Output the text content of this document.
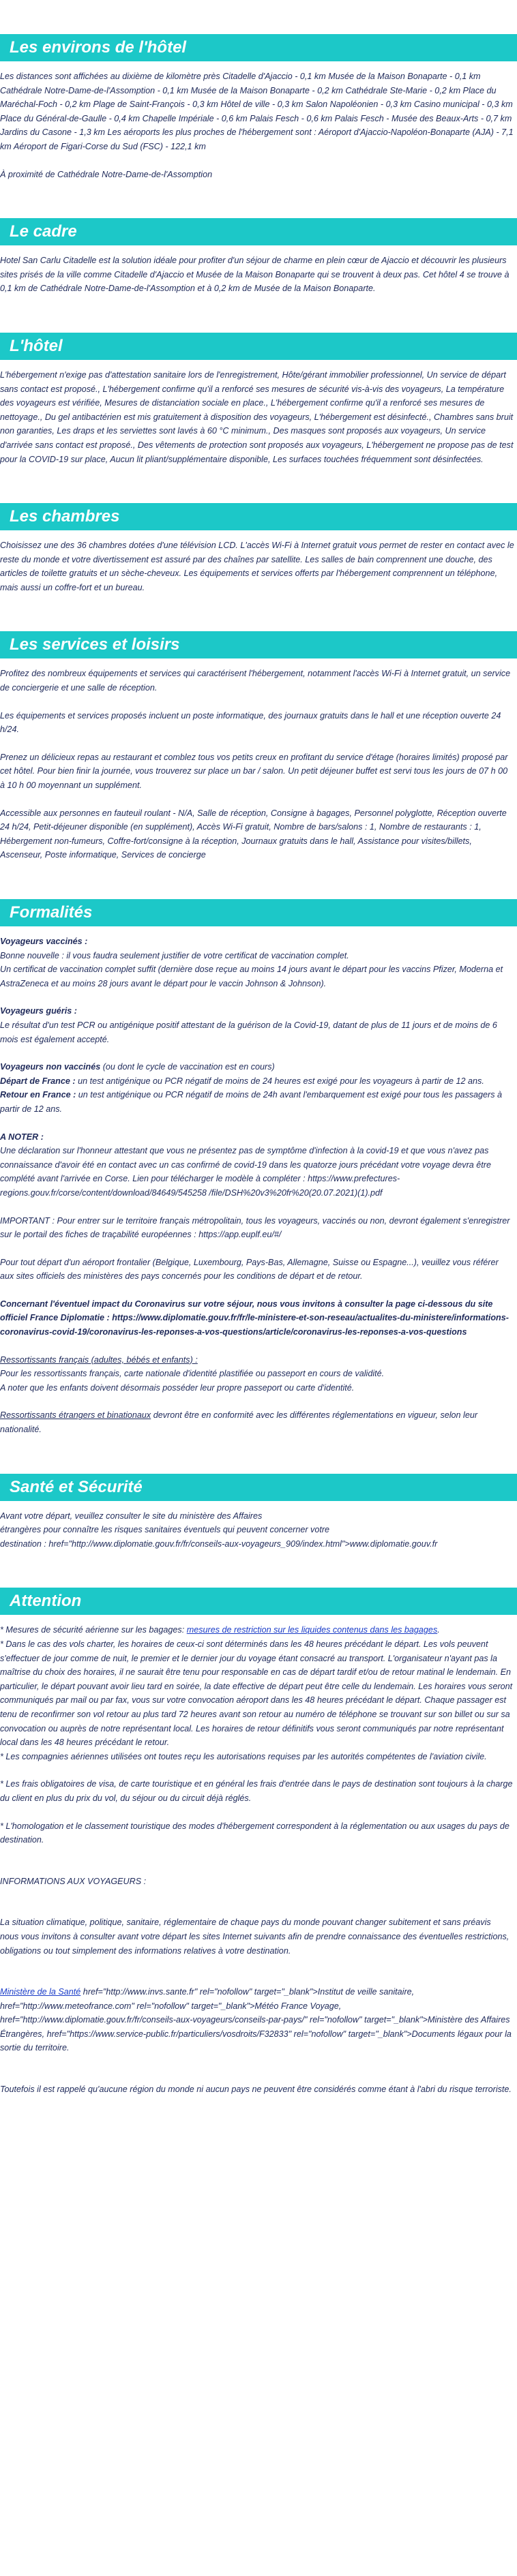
Les environs de l'hôtel

Les distances sont affichées au dixième de kilomètre près Citadelle d'Ajaccio - 0,1 km Musée de la Maison Bonaparte - 0,1 km Cathédrale Notre-Dame-de-l'Assomption - 0,1 km Musée de la Maison Bonaparte - 0,2 km Cathédrale Ste-Marie - 0,2 km Place du Maréchal-Foch - 0,2 km Plage de Saint-François - 0,3 km Hôtel de ville - 0,3 km Salon Napoléonien - 0,3 km Casino municipal - 0,3 km Place du Général-de-Gaulle - 0,4 km Chapelle Impériale - 0,6 km Palais Fesch - 0,6 km Palais Fesch - Musée des Beaux-Arts - 0,7 km Jardins du Casone - 1,3 km Les aéroports les plus proches de l'hébergement sont : Aéroport d'Ajaccio-Napoléon-Bonaparte (AJA) - 7,1 km Aéroport de Figari-Corse du Sud (FSC) - 122,1 km

À proximité de Cathédrale Notre-Dame-de-l'Assomption

Le cadre

Hotel San Carlu Citadelle est la solution idéale pour profiter d'un séjour de charme en plein cœur de Ajaccio et découvrir les plusieurs sites prisés de la ville comme Citadelle d'Ajaccio et Musée de la Maison Bonaparte qui se trouvent à deux pas. Cet hôtel 4 se trouve à 0,1 km de Cathédrale Notre-Dame-de-l'Assomption et à 0,2 km de Musée de la Maison Bonaparte.

L'hôtel

L'hébergement n'exige pas d'attestation sanitaire lors de l'enregistrement, Hôte/gérant immobilier professionnel, Un service de départ sans contact est proposé., L'hébergement confirme qu'il a renforcé ses mesures de sécurité vis-à-vis des voyageurs, La température des voyageurs est vérifiée, Mesures de distanciation sociale en place., L'hébergement confirme qu'il a renforcé ses mesures de nettoyage., Du gel antibactérien est mis gratuitement à disposition des voyageurs, L'hébergement est désinfecté., Chambres sans bruit non garanties, Les draps et les serviettes sont lavés à 60 °C minimum., Des masques sont proposés aux voyageurs, Un service d'arrivée sans contact est proposé., Des vêtements de protection sont proposés aux voyageurs, L'hébergement ne propose pas de test pour la COVID-19 sur place, Aucun lit pliant/supplémentaire disponible, Les surfaces touchées fréquemment sont désinfectées.

Les chambres

Choisissez une des 36 chambres dotées d'une télévision LCD. L'accès Wi-Fi à Internet gratuit vous permet de rester en contact avec le reste du monde et votre divertissement est assuré par des chaînes par satellite. Les salles de bain comprennent une douche, des articles de toilette gratuits et un sèche-cheveux. Les équipements et services offerts par l'hébergement comprennent un téléphone, mais aussi un coffre-fort et un bureau.

Les services et loisirs

Profitez des nombreux équipements et services qui caractérisent l'hébergement, notamment l'accès Wi-Fi à Internet gratuit, un service de conciergerie et une salle de réception.

Les équipements et services proposés incluent un poste informatique, des journaux gratuits dans le hall et une réception ouverte 24 h/24.

Prenez un délicieux repas au restaurant et comblez tous vos petits creux en profitant du service d'étage (horaires limités) proposé par cet hôtel. Pour bien finir la journée, vous trouverez sur place un bar / salon. Un petit déjeuner buffet est servi tous les jours de 07 h 00 à 10 h 00 moyennant un supplément.

Accessible aux personnes en fauteuil roulant - N/A, Salle de réception, Consigne à bagages, Personnel polyglotte, Réception ouverte 24 h/24, Petit-déjeuner disponible (en supplément), Accès Wi-Fi gratuit, Nombre de bars/salons : 1, Nombre de restaurants : 1, Hébergement non-fumeurs, Coffre-fort/consigne à la réception, Journaux gratuits dans le hall, Assistance pour visites/billets, Ascenseur, Poste informatique, Services de concierge

Formalités

Voyageurs vaccinés :
Bonne nouvelle : il vous faudra seulement justifier de votre certificat de vaccination complet.
Un certificat de vaccination complet suffit (dernière dose reçue au moins 14 jours avant le départ pour les vaccins Pfizer, Moderna et AstraZeneca et au moins 28 jours avant le départ pour le vaccin Johnson & Johnson).

Voyageurs guéris :
Le résultat d'un test PCR ou antigénique positif attestant de la guérison de la Covid-19, datant de plus de 11 jours et de moins de 6 mois est également accepté.

Voyageurs non vaccinés (ou dont le cycle de vaccination est en cours)
Départ de France : un test antigénique ou PCR négatif de moins de 24 heures est exigé pour les voyageurs à partir de 12 ans.
Retour en France : un test antigénique ou PCR négatif de moins de 24h avant l'embarquement est exigé pour tous les passagers à partir de 12 ans.

A NOTER :
Une déclaration sur l'honneur attestant que vous ne présentez pas de symptôme d'infection à la covid-19 et que vous n'avez pas connaissance d'avoir été en contact avec un cas confirmé de covid-19 dans les quatorze jours précédant votre voyage devra être complété avant l'arrivée en Corse. Lien pour télécharger le modèle à compléter : https://www.prefectures-regions.gouv.fr/corse/content/download/84649/545258 /file/DSH%20v3%20fr%20(20.07.2021)(1).pdf

IMPORTANT : Pour entrer sur le territoire français métropolitain, tous les voyageurs, vaccinés ou non, devront également s'enregistrer sur le portail des fiches de traçabilité européennes : https://app.euplf.eu/#/

Pour tout départ d'un aéroport frontalier (Belgique, Luxembourg, Pays-Bas, Allemagne, Suisse ou Espagne...), veuillez vous référer aux sites officiels des ministères des pays concernés pour les conditions de départ et de retour.

Concernant l'éventuel impact du Coronavirus sur votre séjour, nous vous invitons à consulter la page ci-dessous du site officiel France Diplomatie : https://www.diplomatie.gouv.fr/fr/le-ministere-et-son-reseau/actualites-du-ministere/informations-coronavirus-covid-19/coronavirus-les-reponses-a-vos-questions/article/coronavirus-les-reponses-a-vos-questions

Ressortissants français (adultes, bébés et enfants) :
Pour les ressortissants français, carte nationale d'identité plastifiée ou passeport en cours de validité.
A noter que les enfants doivent désormais posséder leur propre passeport ou carte d'identité.

Ressortissants étrangers et binationaux devront être en conformité avec les différentes réglementations en vigueur, selon leur nationalité.

Santé et Sécurité

Avant votre départ, veuillez consulter le site du ministère des Affaires
étrangères pour connaître les risques sanitaires éventuels qui peuvent concerner votre
destination : href="http://www.diplomatie.gouv.fr/fr/conseils-aux-voyageurs_909/index.html">www.diplomatie.gouv.fr

Attention

* Mesures de sécurité aérienne sur les bagages: mesures de restriction sur les liquides contenus dans les bagages.

* Dans le cas des vols charter, les horaires de ceux-ci sont déterminés dans les 48 heures précédant le départ. Les vols peuvent s'effectuer de jour comme de nuit, le premier et le dernier jour du voyage étant consacré au transport. L'organisateur n'ayant pas la maîtrise du choix des horaires, il ne saurait être tenu pour responsable en cas de départ tardif et/ou de retour matinal le lendemain. En particulier, le départ pouvant avoir lieu tard en soirée, la date effective de départ peut être celle du lendemain. Les horaires vous seront communiqués par mail ou par fax, vous sur votre convocation aéroport dans les 48 heures précédant le départ. Chaque passager est tenu de reconfirmer son vol retour au plus tard 72 heures avant son retour au numéro de téléphone se trouvant sur son billet ou sur sa convocation ou auprès de notre représentant local. Les horaires de retour définitifs vous seront communiqués par notre représentant local dans les 48 heures précédant le retour.

* Les compagnies aériennes utilisées ont toutes reçu les autorisations requises par les autorités compétentes de l'aviation civile.

* Les frais obligatoires de visa, de carte touristique et en général les frais d'entrée dans le pays de destination sont toujours à la charge du client en plus du prix du vol, du séjour ou du circuit déjà réglés.

* L'homologation et le classement touristique des modes d'hébergement correspondent à la réglementation ou aux usages du pays de destination.

INFORMATIONS AUX VOYAGEURS :

La situation climatique, politique, sanitaire, réglementaire de chaque pays du monde pouvant changer subitement et sans préavis
nous vous invitons à consulter avant votre départ les sites Internet suivants afin de prendre connaissance des éventuelles restrictions, obligations ou tout simplement des informations relatives à votre destination.

Ministère de la Santé href="http://www.invs.sante.fr" rel="nofollow" target="_blank">Institut de veille sanitaire, href="http://www.meteofrance.com" rel="nofollow" target="_blank">Météo France Voyage, href="http://www.diplomatie.gouv.fr/fr/conseils-aux-voyageurs/conseils-par-pays/" rel="nofollow" target="_blank">Ministère des Affaires Étrangères, href="https://www.service-public.fr/particuliers/vosdroits/F32833" rel="nofollow" target="_blank">Documents légaux pour la sortie du territoire.

Toutefois il est rappelé qu'aucune région du monde ni aucun pays ne peuvent être considérés comme étant à l'abri du risque terroriste.
